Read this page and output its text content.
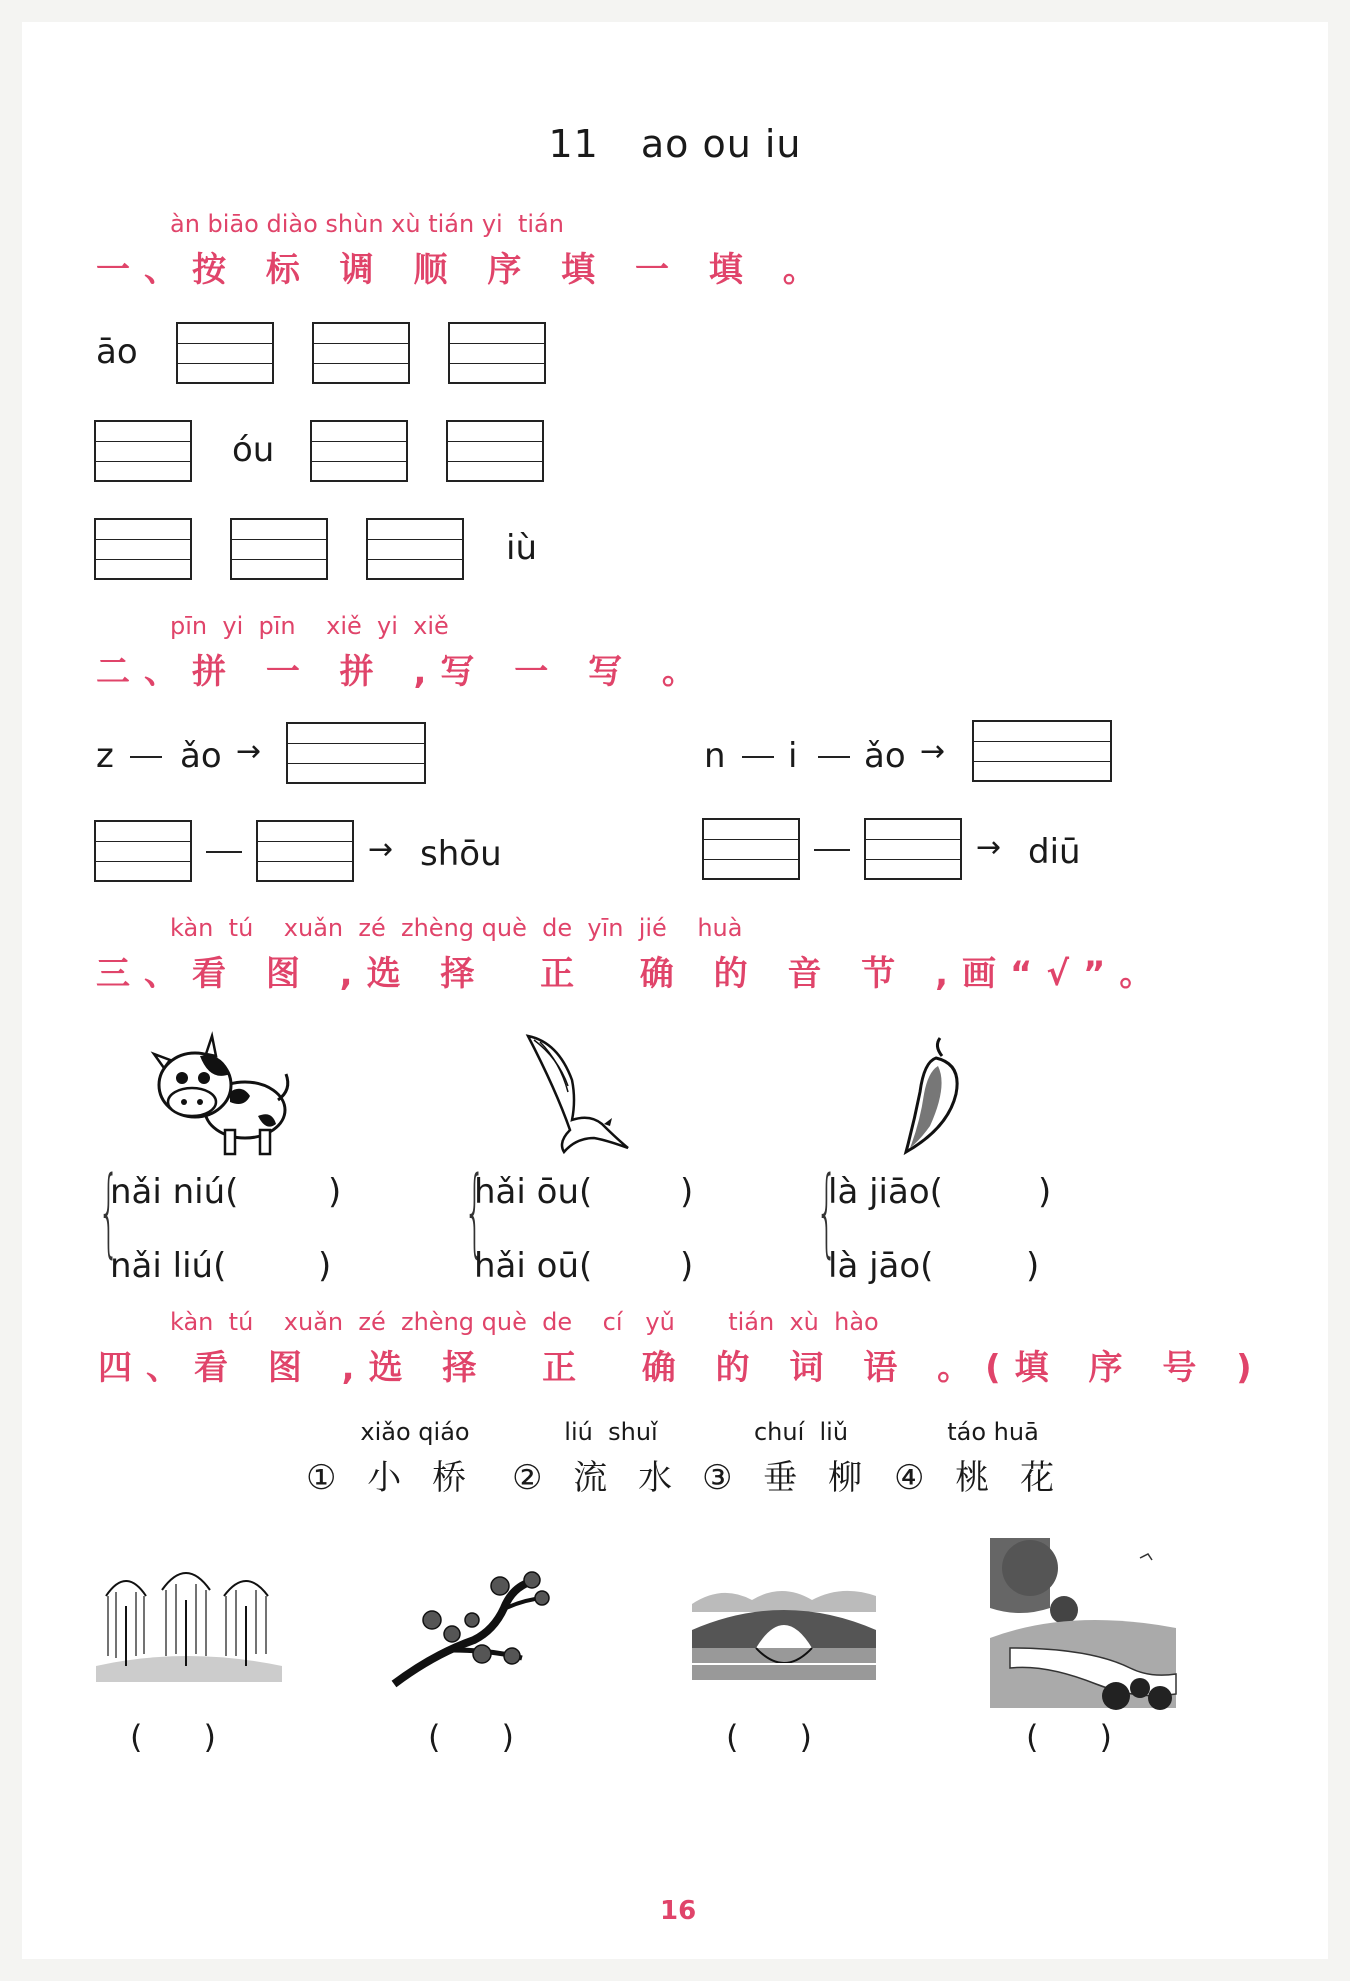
11 ao ou iu
àn biāo diào shùn xù tián yi  tián
一、按 标 调 顺 序 填 一 填 。
āo
óu
iù
pīn  yi  pīn    xiě  yi  xiě
二、拼 一 拼 ,写 一 写 。
z ǎo →	n i ǎo →
→ shōu	→ diū
kàn  tú    xuǎn  zé  zhèng què  de  yīn  jié    huà
三、看 图 ,选 择  正  确 的 音 节 ,画“√”。
{
nǎi niú(	)
nǎi liú(	) {
hǎi ōu(	)
hǎi oū(	) {
là jiāo(	)
là jāo(	)
kàn  tú    xuǎn  zé  zhèng què  de    cí   yǔ       tián  xù  hào
四、看 图 ,选 择  正  确 的 词 语 。(填 序 号 )
xiǎo qiáo
① 小 桥
liú  shuǐ
② 流 水
chuí  liǔ
③ 垂 柳
táo huā
④ 桃 花
(      )	(      )	(      )	(      )
16
